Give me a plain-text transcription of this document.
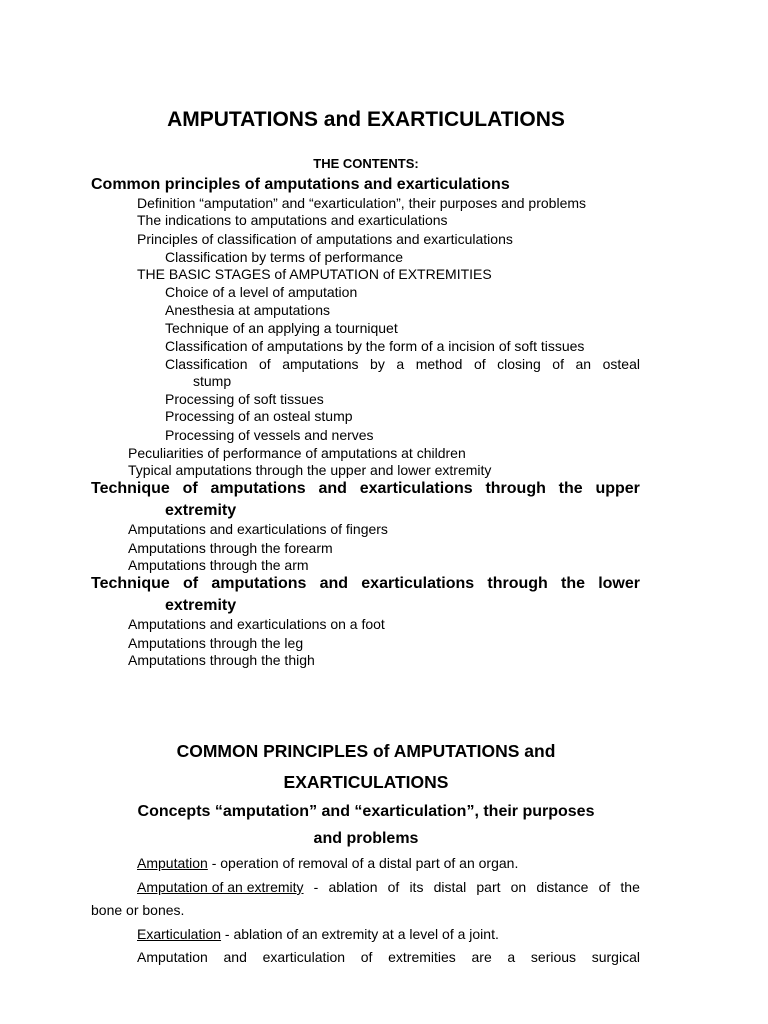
AMPUTATIONS and EXARTICULATIONS
THE CONTENTS:
Common principles of amputations and exarticulations
Definition “amputation” and “exarticulation”, their purposes and problems
The indications to amputations and exarticulations
Principles of classification of amputations and exarticulations
Classification by terms of performance
THE BASIC STAGES of AMPUTATION of EXTREMITIES
Choice of a level of amputation
Anesthesia at amputations
Technique of an applying a tourniquet
Classification of amputations by the form of a incision of soft tissues
Classification of amputations by a method of closing of an osteal
stump
Processing of soft tissues
Processing of an osteal stump
Processing of vessels and nerves
Peculiarities of performance of amputations at children
Typical amputations through the upper and lower extremity
Technique of amputations and exarticulations through the upper
extremity
Amputations and exarticulations of fingers
Amputations through the forearm
Amputations through the arm
Technique of amputations and exarticulations through the lower
extremity
Amputations and exarticulations on a foot
Amputations through the leg
Amputations through the thigh
COMMON PRINCIPLES of AMPUTATIONS and
EXARTICULATIONS
Concepts “amputation” and “exarticulation”, their purposes
and problems

Amputation - operation of removal of a distal part of an organ.

Amputation of an extremity - ablation of its distal part on distance of the

bone or bones.

Exarticulation - ablation of an extremity at a level of a joint.

Amputation and exarticulation of extremities are a serious surgical
